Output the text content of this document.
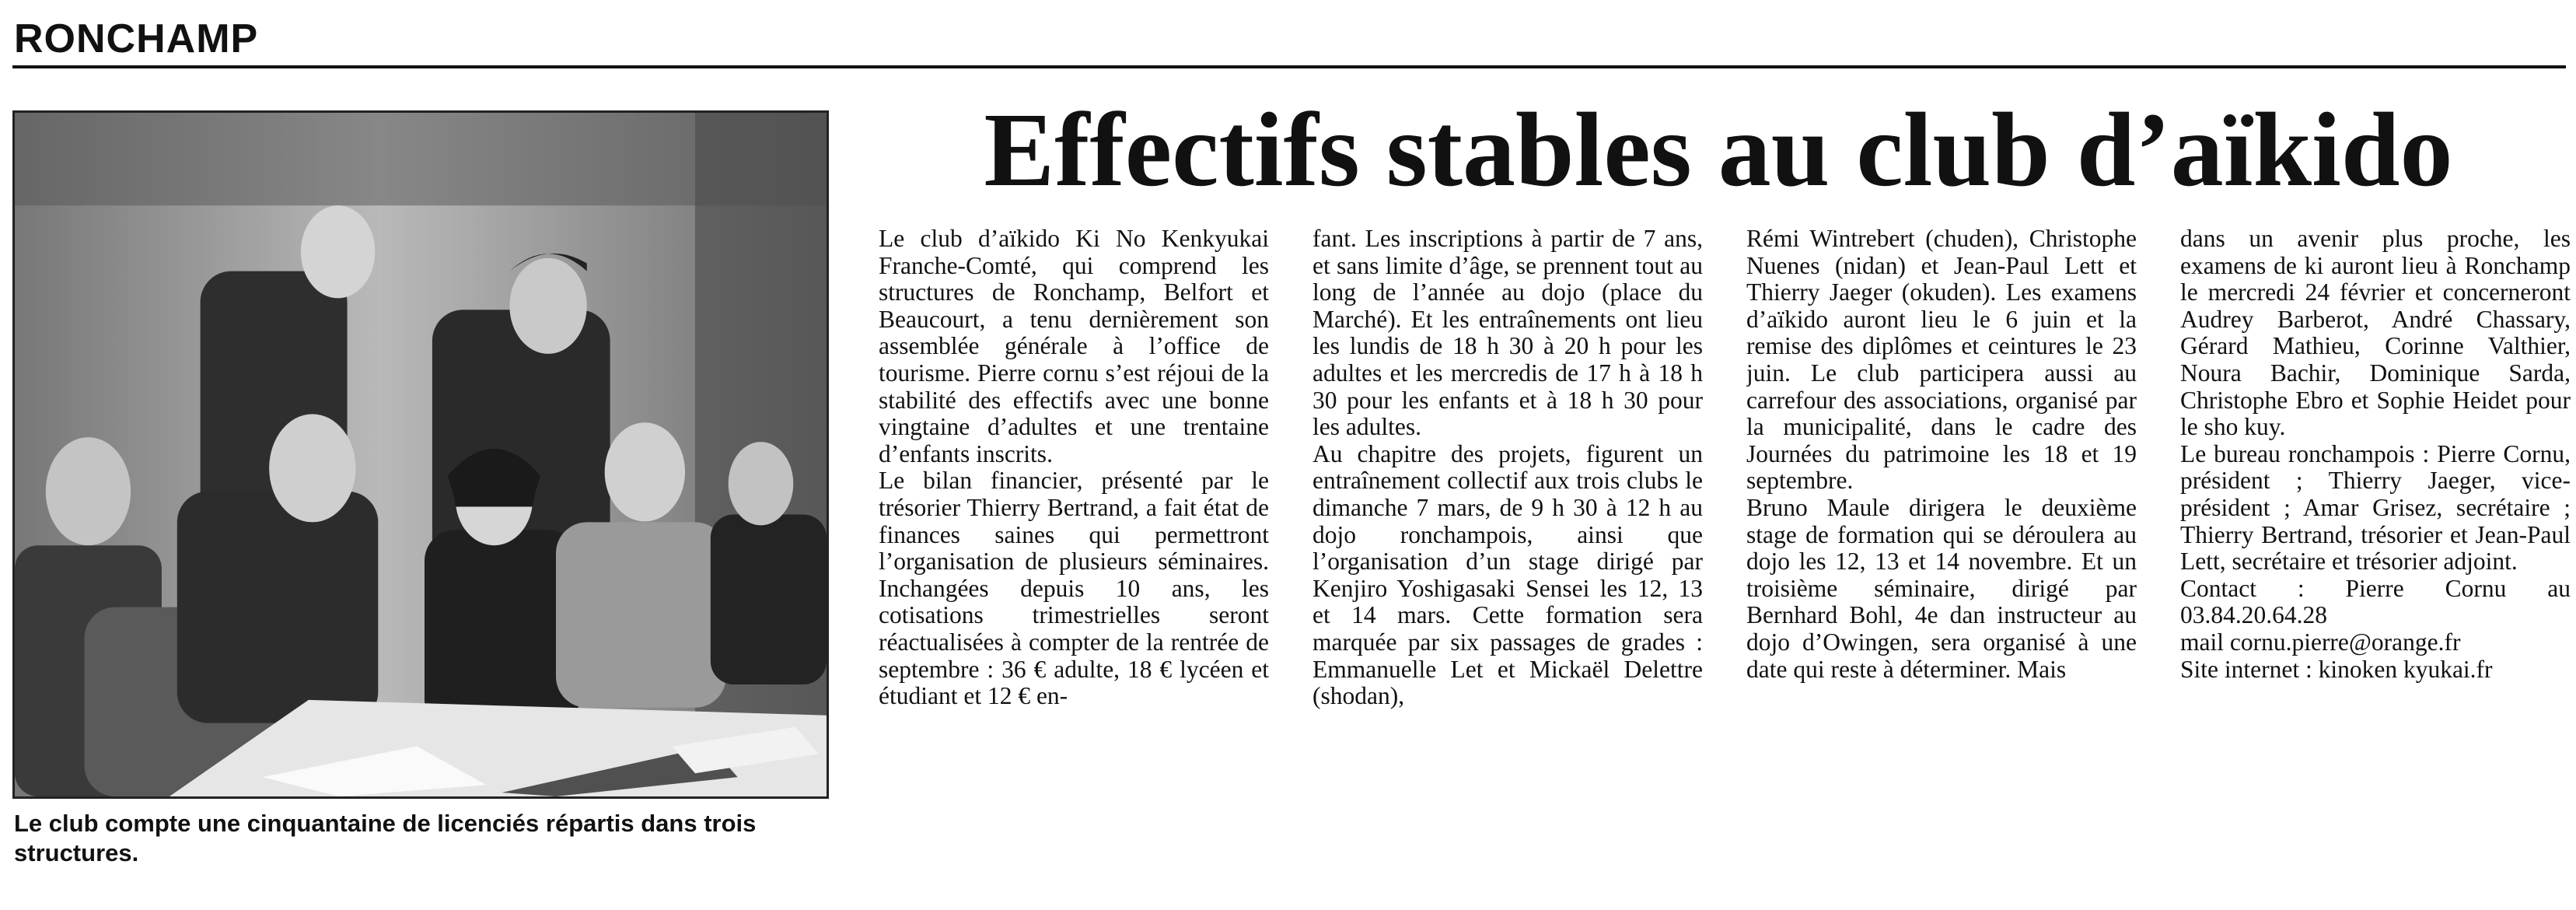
RONCHAMP
Le club compte une cinquantaine de licenciés répartis dans trois structures.
Effectifs stables au club d’aïkido

Le club d’aïkido Ki No Kenkyukai Franche-Comté, qui comprend les structures de Ronchamp, Belfort et Beaucourt, a tenu dernièrement son assemblée générale à l’office de tourisme. Pierre cornu s’est réjoui de la stabilité des effectifs avec une bonne vingtaine d’adultes et une trentaine d’enfants inscrits.

Le bilan financier, présenté par le trésorier Thierry Bertrand, a fait état de finances saines qui permettront l’organisation de plusieurs séminaires. Inchangées depuis 10 ans, les cotisations trimestrielles seront réactualisées à compter de la rentrée de septembre : 36 € adulte, 18 € lycéen et étudiant et 12 € en-

fant. Les inscriptions à partir de 7 ans, et sans limite d’âge, se prennent tout au long de l’année au dojo (place du Marché). Et les entraînements ont lieu les lundis de 18 h 30 à 20 h pour les adultes et les mercredis de 17 h à 18 h 30 pour les enfants et à 18 h 30 pour les adultes.

Au chapitre des projets, figurent un entraînement collectif aux trois clubs le dimanche 7 mars, de 9 h 30 à 12 h au dojo ronchampois, ainsi que l’organisation d’un stage dirigé par Kenjiro Yoshigasaki Sensei les 12, 13 et 14 mars. Cette formation sera marquée par six passages de grades : Emmanuelle Let et Mickaël Delettre (shodan),

Rémi Wintrebert (chuden), Christophe Nuenes (nidan) et Jean-Paul Lett et Thierry Jaeger (okuden). Les examens d’aïkido auront lieu le 6 juin et la remise des diplômes et ceintures le 23 juin. Le club participera aussi au carrefour des associations, organisé par la municipalité, dans le cadre des Journées du patrimoine les 18 et 19 septembre.

Bruno Maule dirigera le deuxième stage de formation qui se déroulera au dojo les 12, 13 et 14 novembre. Et un troisième séminaire, dirigé par Bernhard Bohl, 4e dan instructeur au dojo d’Owingen, sera organisé à une date qui reste à déterminer. Mais

dans un avenir plus proche, les examens de ki auront lieu à Ronchamp le mercredi 24 février et concerneront Audrey Barberot, André Chassary, Gérard Mathieu, Corinne Valthier, Noura Bachir, Dominique Sarda, Christophe Ebro et Sophie Heidet pour le sho kuy.

Le bureau ronchampois : Pierre Cornu, président ; Thierry Jaeger, vice-président ; Amar Grisez, secrétaire ; Thierry Bertrand, trésorier et Jean-Paul Lett, secrétaire et trésorier adjoint.

Contact : Pierre Cornu au 03.84.20.64.28

mail cornu.pierre@orange.fr

Site internet : kinoken kyukai.fr
